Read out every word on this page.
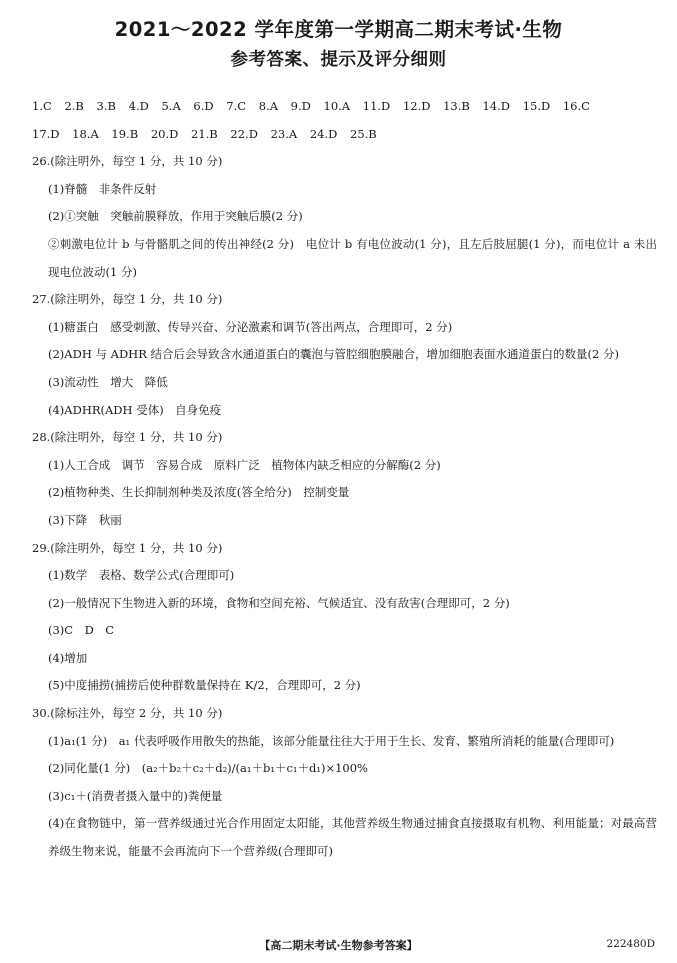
2021～2022 学年度第一学期高二期末考试·生物
参考答案、提示及评分细则
1.C 2.B 3.B 4.D 5.A 6.D 7.C 8.A 9.D 10.A 11.D 12.D 13.B 14.D 15.D 16.C
17.D 18.A 19.B 20.D 21.B 22.D 23.A 24.D 25.B
26.(除注明外，每空 1 分，共 10 分)
(1)脊髓　非条件反射
(2)①突触　突触前膜释放，作用于突触后膜(2 分)
②刺激电位计 b 与骨骼肌之间的传出神经(2 分)　电位计 b 有电位波动(1 分)，且左后肢屈腿(1 分)，而电位计 a 未出现电位波动(1 分)
27.(除注明外，每空 1 分，共 10 分)
(1)糖蛋白　感受刺激、传导兴奋、分泌激素和调节(答出两点，合理即可，2 分)
(2)ADH 与 ADHR 结合后会导致含水通道蛋白的囊泡与管腔细胞膜融合，增加细胞表面水通道蛋白的数量(2 分)
(3)流动性　增大　降低
(4)ADHR(ADH 受体)　自身免疫
28.(除注明外，每空 1 分，共 10 分)
(1)人工合成　调节　容易合成　原料广泛　植物体内缺乏相应的分解酶(2 分)
(2)植物种类、生长抑制剂种类及浓度(答全给分)　控制变量
(3)下降　秋丽
29.(除注明外，每空 1 分，共 10 分)
(1)数学　表格、数学公式(合理即可)
(2)一般情况下生物进入新的环境，食物和空间充裕、气候适宜、没有敌害(合理即可，2 分)
(3)C　D　C
(4)增加
(5)中度捕捞(捕捞后使种群数量保持在 K/2，合理即可，2 分)
30.(除标注外，每空 2 分，共 10 分)
(1)a₁(1 分)　a₁ 代表呼吸作用散失的热能，该部分能量往往大于用于生长、发育、繁殖所消耗的能量(合理即可)
(2)同化量(1 分)　(a₂＋b₂＋c₂＋d₂)/(a₁＋b₁＋c₁＋d₁)×100%
(3)c₁＋(消费者摄入量中的)粪便量
(4)在食物链中，第一营养级通过光合作用固定太阳能，其他营养级生物通过捕食直接摄取有机物、利用能量；对最高营养级生物来说，能量不会再流向下一个营养级(合理即可)
【高二期末考试·生物参考答案】	222480D
